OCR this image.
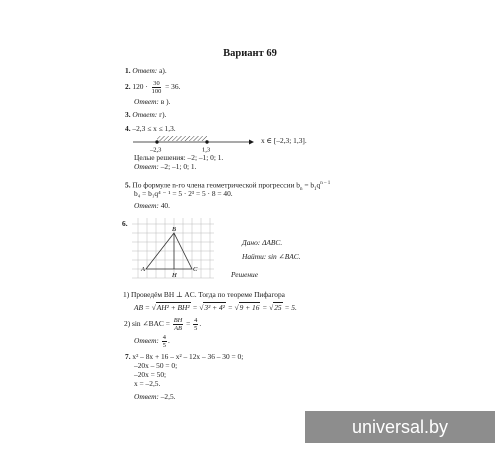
Вариант 69
1. Ответ: а).
2. $120 \cdot \frac{30}{100} = 36$.
Ответ: в ).
3. Ответ: г).
4. –2,3 ≤ x ≤ 1,3.
–2,3	1,3
x ∈ [–2,3; 1,3].
Целые решения: –2; –1; 0; 1.
Ответ: –2; –1; 0; 1.
5. По формуле n-го члена геометрической прогрессии $b_n = b_1q^{n - 1}$
b₄ = b₁q⁴ ⁻ ¹ = 5 · 2³ = 5 · 8 = 40.
Ответ: 40.
6.
B
A
H
C
Дано: ΔABC.
Найти: sin ∠BAC.
Решение
1) Проведём BH ⊥ AC. Тогда по теореме Пифагора
AB = √AH² + BH² = √3² + 4² = √9 + 16 = √25 = 5.
2) sin ∠BAC = $\frac{BH}{AB} = \frac{4}{5}$ .
Ответ: $\frac{4}{5}$ .
7. x² – 8x + 16 – x² – 12x – 36 – 30 = 0;
–20x – 50 = 0;
–20x = 50;
x = –2,5.
Ответ: –2,5.
universal.by
